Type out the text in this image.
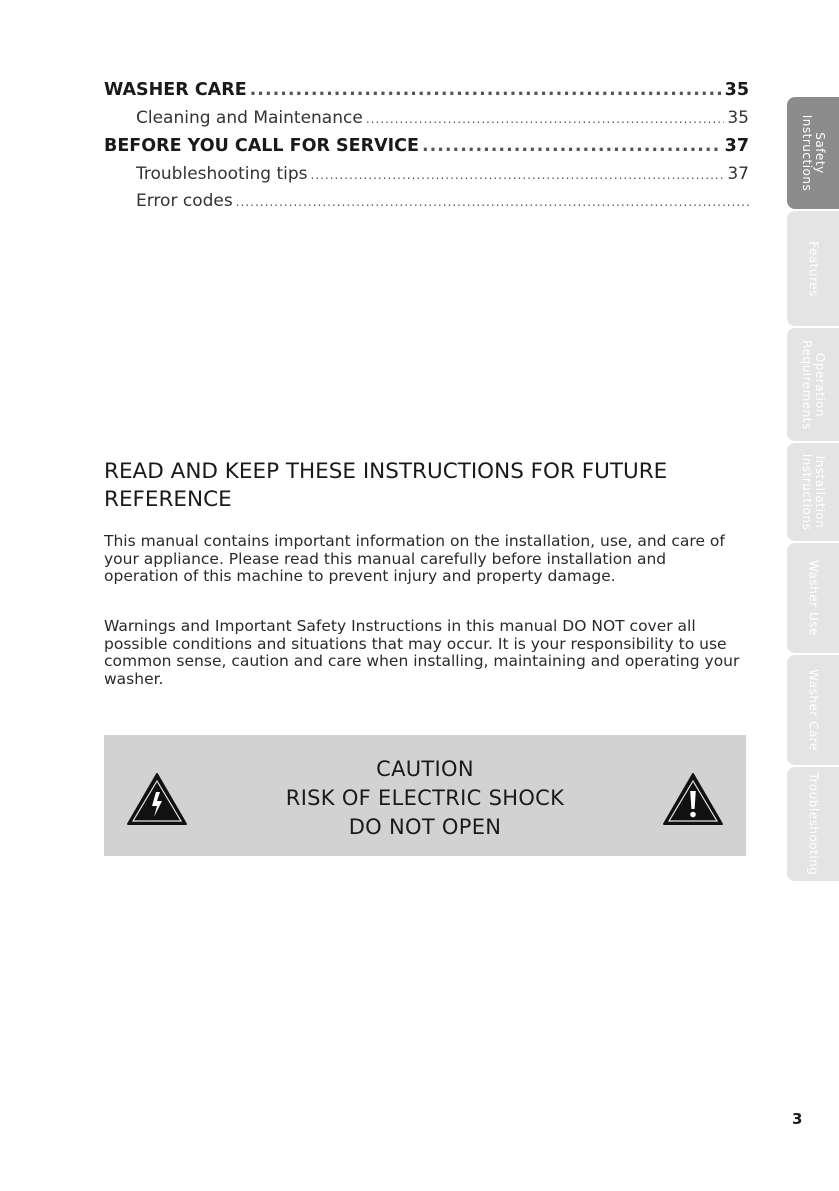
WASHER CARE .....	35
Cleaning and Maintenance .....	35
BEFORE YOU CALL FOR SERVICE .....	37
Troubleshooting tips .....	37
Error codes
.....
READ AND KEEP THESE INSTRUCTIONS FOR FUTURE REFERENCE

This manual contains important information on the installation, use, and care of your appliance. Please read this manual carefully before installation and operation of this machine to prevent injury and property damage.

Warnings and Important Safety Instructions in this manual DO NOT cover all possible conditions and situations that may occur. It is your responsibility to use common sense, caution and care when installing, maintaining and operating your washer.

CAUTION
RISK OF ELECTRIC SHOCK
DO NOT OPEN
Safety
Instructions
Features
Operation
Requirements
Installation
Instructions
Washer Use
Washer Care
Troubleshooting
3
